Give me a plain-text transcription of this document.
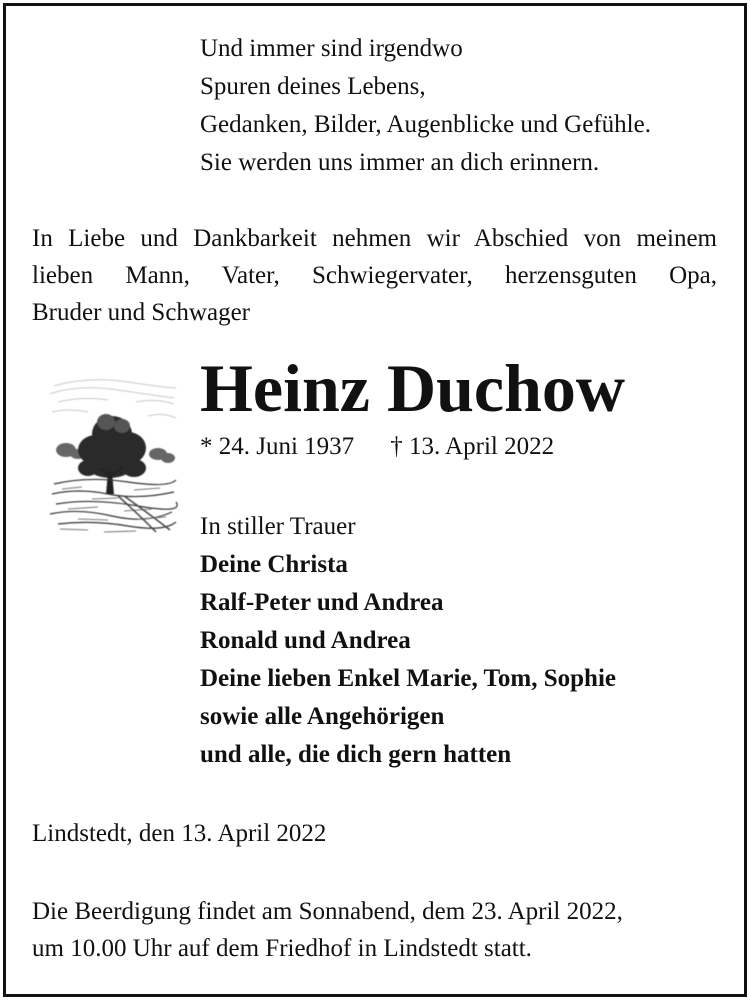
Und immer sind irgendwo
Spuren deines Lebens,
Gedanken, Bilder, Augenblicke und Gefühle.
Sie werden uns immer an dich erinnern.
In Liebe und Dankbarkeit nehmen wir Abschied von meinem
lieben Mann, Vater, Schwiegervater, herzensguten Opa,
Bruder und Schwager
Heinz Duchow
* 24. Juni 1937 † 13. April 2022
In stiller Trauer
Deine Christa
Ralf-Peter und Andrea
Ronald und Andrea
Deine lieben Enkel Marie, Tom, Sophie
sowie alle Angehörigen
und alle, die dich gern hatten
Lindstedt, den 13. April 2022
Die Beerdigung findet am Sonnabend, dem 23. April 2022,
um 10.00 Uhr auf dem Friedhof in Lindstedt statt.
